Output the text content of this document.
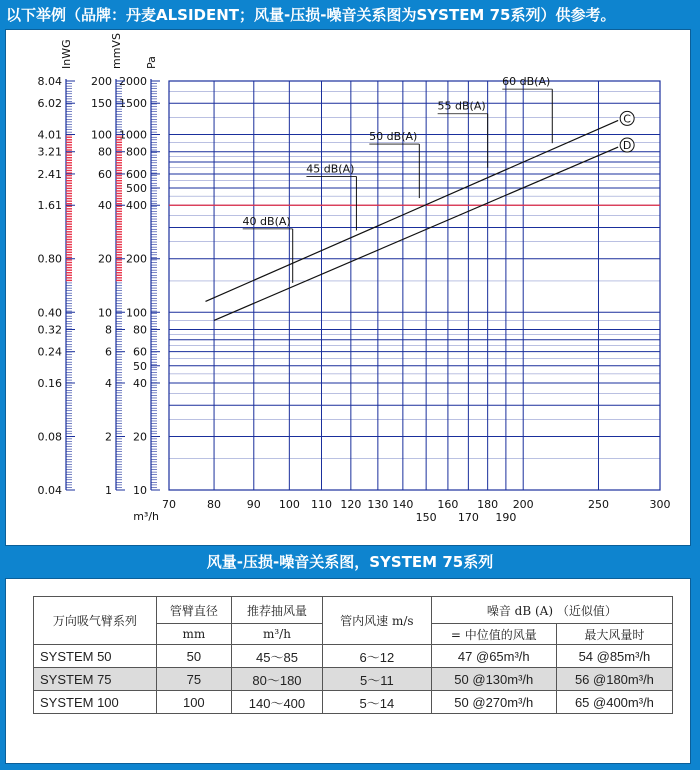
以下举例（品牌：丹麦ALSIDENT；风量-压损-噪音关系图为SYSTEM 75系列）供参考。
70	80 90 100 110 120 130 140 160 180 200	250	300
150 170 190
m³/h
Pa
2000
1500
1000
800
600
500
400
200
100
80
60
50
40
20
10
mmVS
200
150
100
80
60
40
20
10
8
6
4
2
1
InWG
8.04
6.02
4.01
3.21
2.41
1.61
0.80
0.40
0.32
0.24
0.16
0.08
0.04
C
D
40 dB(A)
45 dB(A)
50 dB(A)
55 dB(A)
60 dB(A)
风量-压损-噪音关系图，SYSTEM 75系列
万向吸气臂系列	管臂直径	推荐抽风量	管内风速 m/s	噪音 dB (A) （近似值）	
	mm	m³/h		= 中位值的风量	最大风量时
SYSTEM 50	50	45～85	6～12	47 @65m³/h	54 @85m³/h
SYSTEM 75	75	80～180	5～11	50 @130m³/h	56 @180m³/h
SYSTEM 100	100	140～400	5～14	50 @270m³/h	65 @400m³/h
